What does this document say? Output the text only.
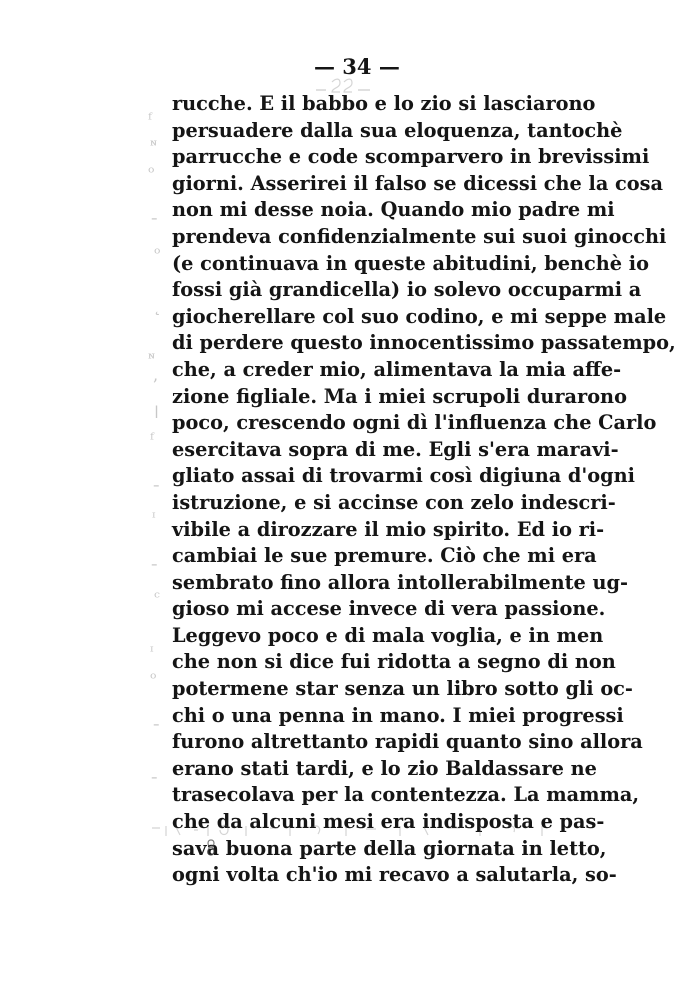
— 34 —
ᶠ
ᶰ
ᵒ
ˉ
ᵒ
˛
ᶰ
ʼ
ǀ
ᶠ
ˉ
ᶦ
ˉ
ᶜ
ᶦ
ᵒ
ˉ
ˉ
rucche. E il babbo e lo zio si lasciarono
persuadere dalla sua eloquenza, tantochè
parrucche e code scomparvero in brevissimi
giorni. Asserirei il falso se dicessi che la cosa
non mi desse noia. Quando mio padre mi
prendeva confidenzialmente sui suoi ginocchi
(e continuava in queste abitudini, benchè io
fossi già grandicella) io solevo occuparmi a
giocherellare col suo codino, e mi seppe male
di perdere questo innocentissimo passatempo,
che, a creder mio, alimentava la mia affe-
zione figliale. Ma i miei scrupoli durarono
poco, crescendo ogni dì l'influenza che Carlo
esercitava sopra di me. Egli s'era maravi-
gliato assai di trovarmi così digiuna d'ogni
istruzione, e si accinse con zelo indescri-
vibile a dirozzare il mio spirito. Ed io ri-
cambiai le sue premure. Ciò che mi era
sembrato fino allora intollerabilmente ug-
gioso mi accese invece di vera passione.
Leggevo poco e di mala voglia, e in men
che non si dice fui ridotta a segno di non
potermene star senza un libro sotto gli oc-
chi o una penna in mano. I miei progressi
furono altrettanto rapidi quanto sino allora
erano stati tardi, e lo zio Baldassare ne
trasecolava per la contentezza. La mamma,
che da alcuni mesi era indisposta e pas-
sava buona parte della giornata in letto,
ogni volta ch'io mi recavo a salutarla, so-
